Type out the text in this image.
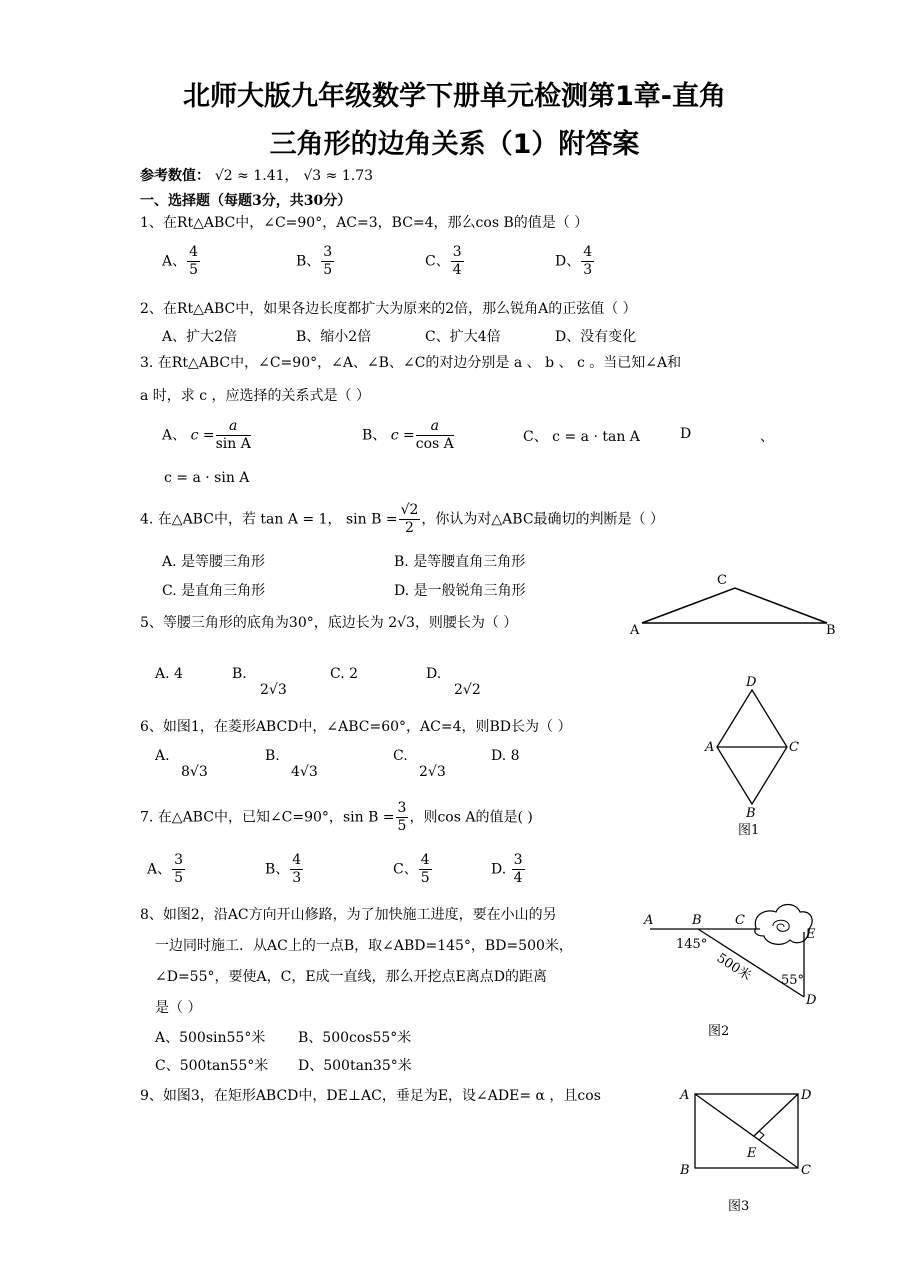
北师大版九年级数学下册单元检测第1章-直角
三角形的边角关系（1）附答案
参考数值： √2 ≈ 1.41， √3 ≈ 1.73
一、选择题（每题3分，共30分）
1、在Rt△ABC中，∠C=90°，AC=3，BC=4，那么cos B的值是（ ）
A、 $\frac{4}{5}$	B、 $\frac{3}{5}$	C、 $\frac{3}{4}$	D、 $\frac{4}{3}$
2、在Rt△ABC中，如果各边长度都扩大为原来的2倍，那么锐角A的正弦值（ ）
A、扩大2倍	B、缩小2倍	C、扩大4倍	D、没有变化
3. 在Rt△ABC中，∠C=90°，∠A、∠B、∠C的对边分别是 a 、 b 、 c 。当已知∠A和
a 时，求 c ，应选择的关系式是（ ）
A、 $c = \frac{a}{\text{sin A}}$	B、 $c = \frac{a}{\text{cos A}}$	C、 c = a · tan A	D	、
c = a · sin A
4. 在△ABC中，若 tan A = 1， $\sin B = \frac{√2}{2}$ ，你认为对△ABC最确切的判断是（ ）
A. 是等腰三角形	B. 是等腰直角三角形
C. 是直角三角形	D. 是一般锐角三角形
5、等腰三角形的底角为30°，底边长为 2√3，则腰长为（ ）
A. 4	B.
2√3
C. 2	D.
2√2
6、如图1，在菱形ABCD中，∠ABC=60°，AC=4，则BD长为（ ）
A.
8√3
B.
4√3
C.
2√3
D. 8
7. 在△ABC中，已知∠C=90°，$\sin B = \frac{3}{5}$ ，则cos A的值是( )
A、 $\frac{3}{5}$	B、 $\frac{4}{3}$	C、 $\frac{4}{5}$	D. $\frac{3}{4}$
8、如图2，沿AC方向开山修路，为了加快施工进度，要在小山的另
一边同时施工．从AC上的一点B，取∠ABD=145°，BD=500米，
∠D=55°，要使A，C，E成一直线，那么开挖点E离点D的距离
是（ ）
A、500sin55°米 B、500cos55°米
C、500tan55°米 D、500tan35°米
9、如图3，在矩形ABCD中，DE⊥AC，垂足为E，设∠ADE= α ，且cos
A
C
B
D
A	C
B
图1
A	B	C
E
D
145°
55°
500米
图2
A	D
B	C
E
图3
